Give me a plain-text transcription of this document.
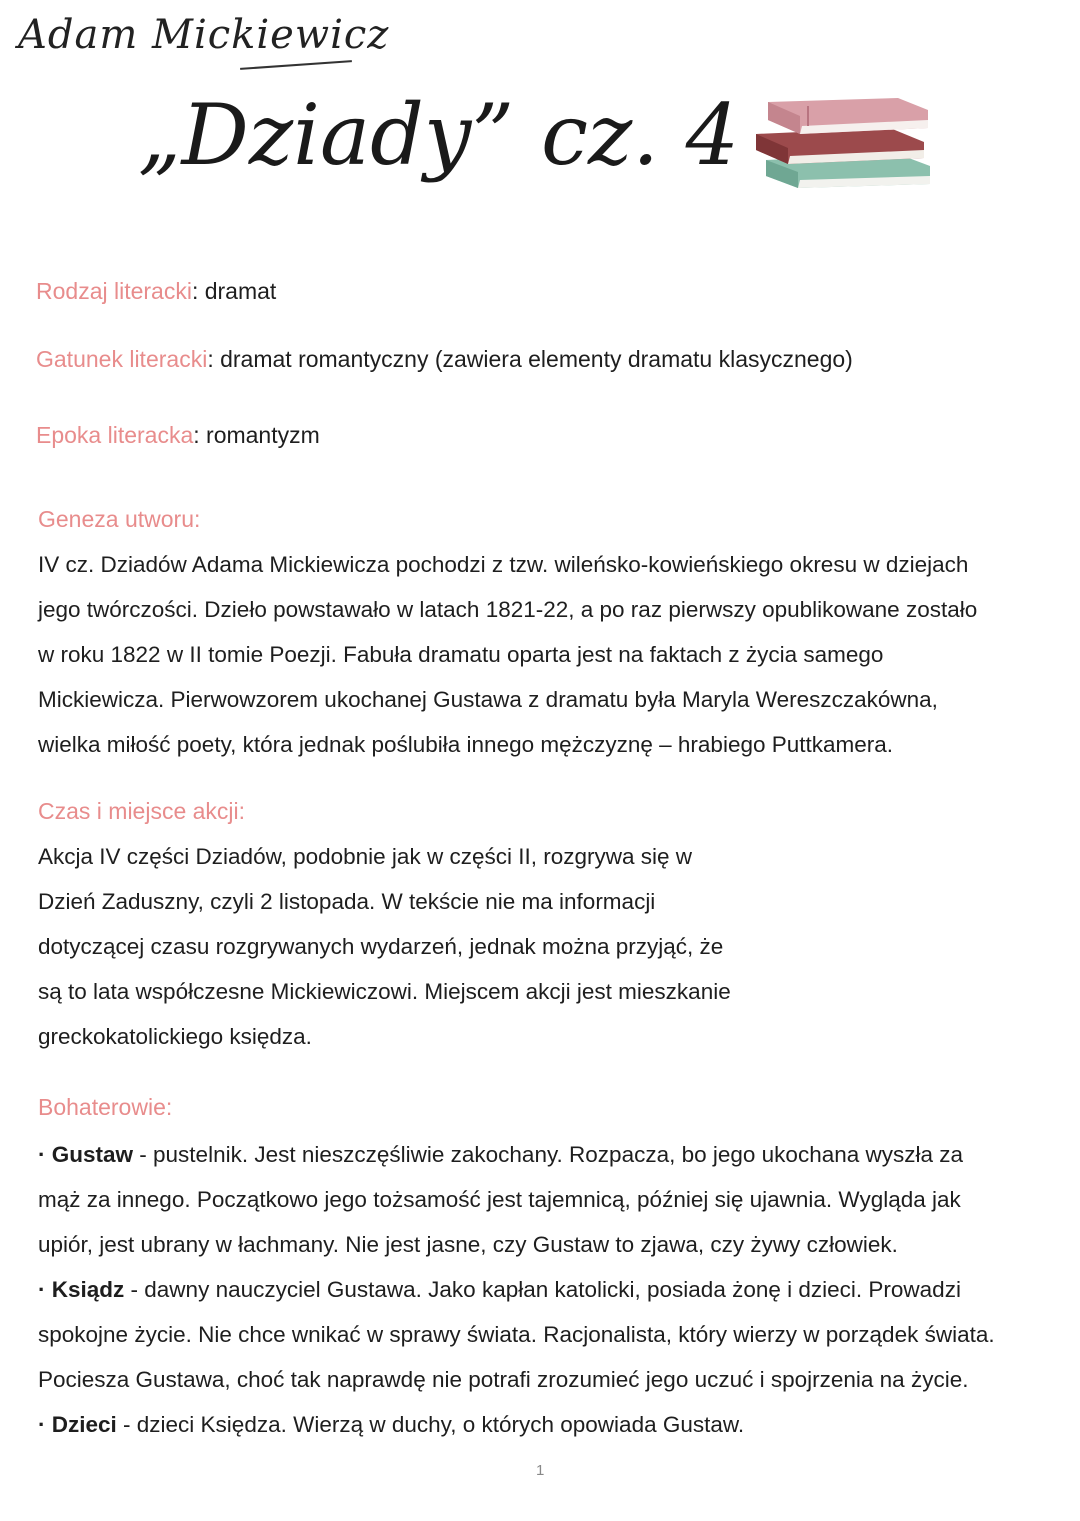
Adam Mickiewicz
„Dziady” cz. 4
Rodzaj literacki: dramat
Gatunek literacki: dramat romantyczny (zawiera elementy dramatu klasycznego)
Epoka literacka: romantyzm
Geneza utworu:
IV cz. Dziadów Adama Mickiewicza pochodzi z tzw. wileńsko-kowieńskiego okresu w dziejach
jego twórczości. Dzieło powstawało w latach 1821-22, a po raz pierwszy opublikowane zostało
w roku 1822 w II tomie Poezji. Fabuła dramatu oparta jest na faktach z życia samego
Mickiewicza. Pierwowzorem ukochanej Gustawa z dramatu była Maryla Wereszczakówna,
wielka miłość poety, która jednak poślubiła innego mężczyznę – hrabiego Puttkamera.
Czas i miejsce akcji:
Akcja IV części Dziadów, podobnie jak w części II, rozgrywa się w
Dzień Zaduszny, czyli 2 listopada. W tekście nie ma informacji
dotyczącej czasu rozgrywanych wydarzeń, jednak można przyjąć, że
są to lata współczesne Mickiewiczowi. Miejscem akcji jest mieszkanie
greckokatolickiego księdza.
Bohaterowie:
· Gustaw - pustelnik. Jest nieszczęśliwie zakochany. Rozpacza, bo jego ukochana wyszła za
mąż za innego. Początkowo jego tożsamość jest tajemnicą, później się ujawnia. Wygląda jak
upiór, jest ubrany w łachmany. Nie jest jasne, czy Gustaw to zjawa, czy żywy człowiek.
· Ksiądz - dawny nauczyciel Gustawa. Jako kapłan katolicki, posiada żonę i dzieci. Prowadzi
spokojne życie. Nie chce wnikać w sprawy świata. Racjonalista, który wierzy w porządek świata.
Pociesza Gustawa, choć tak naprawdę nie potrafi zrozumieć jego uczuć i spojrzenia na życie.
· Dzieci - dzieci Księdza. Wierzą w duchy, o których opowiada Gustaw.
1
